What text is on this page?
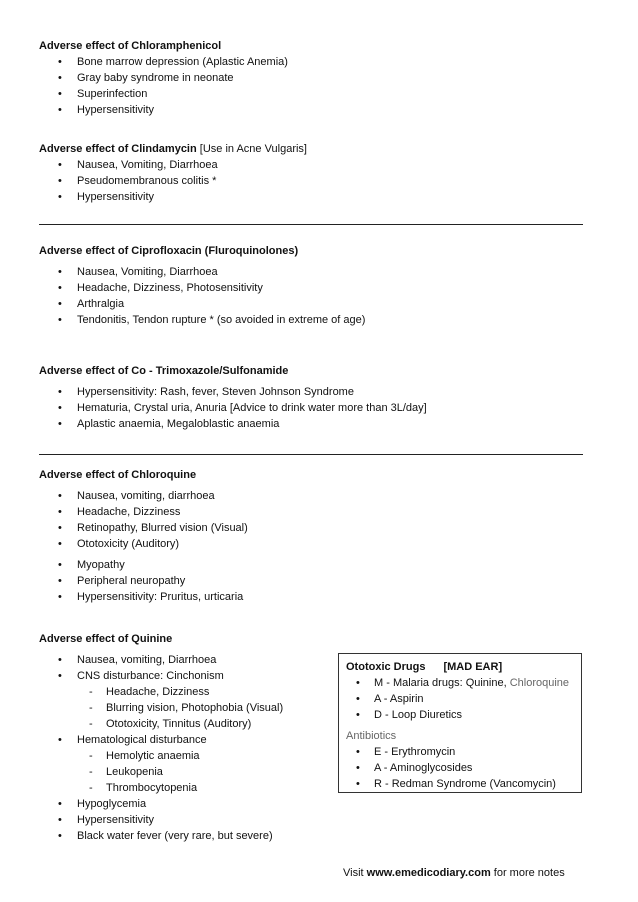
Adverse effect of Chloramphenicol
• Bone marrow depression (Aplastic Anemia)
• Gray baby syndrome in neonate
• Superinfection
• Hypersensitivity
Adverse effect of Clindamycin [Use in Acne Vulgaris]
• Nausea, Vomiting, Diarrhoea
• Pseudomembranous colitis *
• Hypersensitivity
Adverse effect of Ciprofloxacin (Fluroquinolones)
• Nausea, Vomiting, Diarrhoea
• Headache, Dizziness, Photosensitivity
• Arthralgia
• Tendonitis, Tendon rupture * (so avoided in extreme of age)
Adverse effect of Co - Trimoxazole/Sulfonamide
• Hypersensitivity: Rash, fever, Steven Johnson Syndrome
• Hematuria, Crystal uria, Anuria [Advice to drink water more than 3L/day]
• Aplastic anaemia, Megaloblastic anaemia
Adverse effect of Chloroquine
• Nausea, vomiting, diarrhoea
• Headache, Dizziness
• Retinopathy, Blurred vision (Visual)
• Ototoxicity (Auditory)
• Myopathy
• Peripheral neuropathy
• Hypersensitivity: Pruritus, urticaria
Adverse effect of Quinine
• Nausea, vomiting, Diarrhoea
• CNS disturbance: Cinchonism
- Headache, Dizziness
- Blurring vision, Photophobia (Visual)
- Ototoxicity, Tinnitus (Auditory)
• Hematological disturbance
- Hemolytic anaemia
- Leukopenia
- Thrombocytopenia
• Hypoglycemia
• Hypersensitivity
• Black water fever (very rare, but severe)
Ototoxic Drugs [MAD EAR]
• M - Malaria drugs: Quinine, Chloroquine
• A - Aspirin
• D - Loop Diuretics
Antibiotics
• E - Erythromycin
• A - Aminoglycosides
• R - Redman Syndrome (Vancomycin)
Visit www.emedicodiary.com for more notes
